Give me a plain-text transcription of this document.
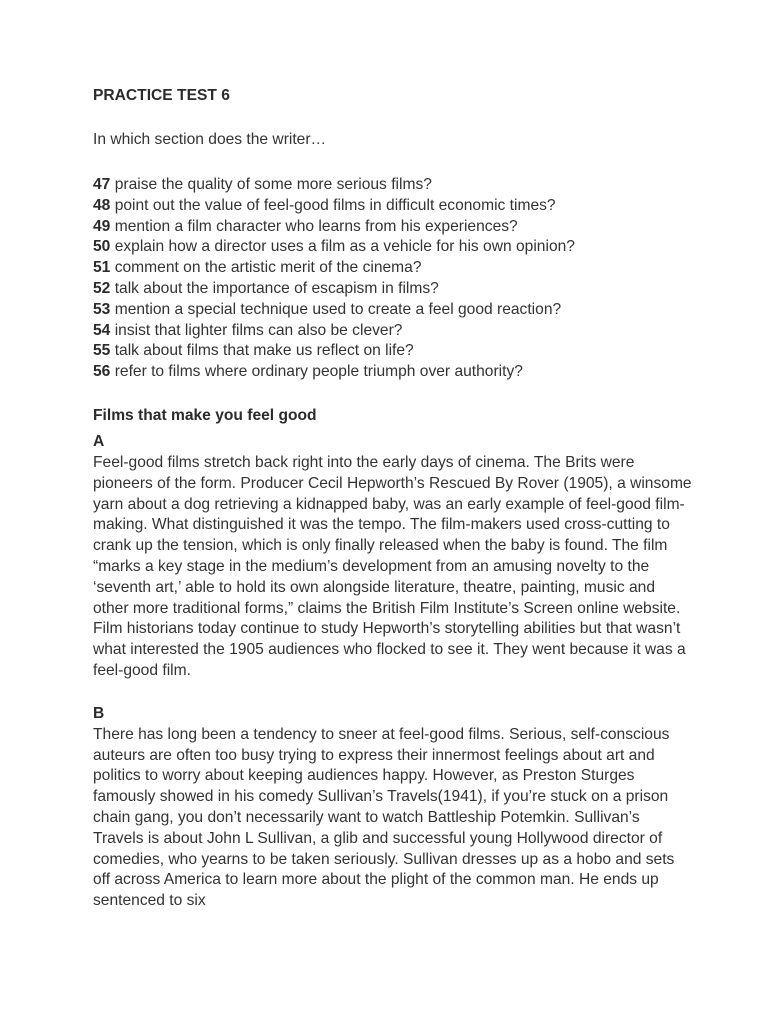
PRACTICE TEST 6
In which section does the writer…
47 praise the quality of some more serious films?
48 point out the value of feel-good films in difficult economic times?
49 mention a film character who learns from his experiences?
50 explain how a director uses a film as a vehicle for his own opinion?
51 comment on the artistic merit of the cinema?
52 talk about the importance of escapism in films?
53 mention a special technique used to create a feel good reaction?
54 insist that lighter films can also be clever?
55 talk about films that make us reflect on life?
56 refer to films where ordinary people triumph over authority?
Films that make you feel good
A

Feel-good films stretch back right into the early days of cinema. The Brits were pioneers of the form. Producer Cecil Hepworth’s Rescued By Rover (1905), a winsome yarn about a dog retrieving a kidnapped baby, was an early example of feel-good film-making. What distinguished it was the tempo. The film-makers used cross-cutting to crank up the tension, which is only finally released when the baby is found. The film “marks a key stage in the medium’s development from an amusing novelty to the ‘seventh art,’ able to hold its own alongside literature, theatre, painting, music and other more traditional forms,” claims the British Film Institute’s Screen online website. Film historians today continue to study Hepworth’s storytelling abilities but that wasn’t what interested the 1905 audiences who flocked to see it. They went because it was a feel-good film.

B

There has long been a tendency to sneer at feel-good films. Serious, self-conscious auteurs are often too busy trying to express their innermost feelings about art and politics to worry about keeping audiences happy. However, as Preston Sturges famously showed in his comedy Sullivan’s Travels(1941), if you’re stuck on a prison chain gang, you don’t necessarily want to watch Battleship Potemkin. Sullivan’s Travels is about John L Sullivan, a glib and successful young Hollywood director of comedies, who yearns to be taken seriously. Sullivan dresses up as a hobo and sets off across America to learn more about the plight of the common man. He ends up sentenced to six
